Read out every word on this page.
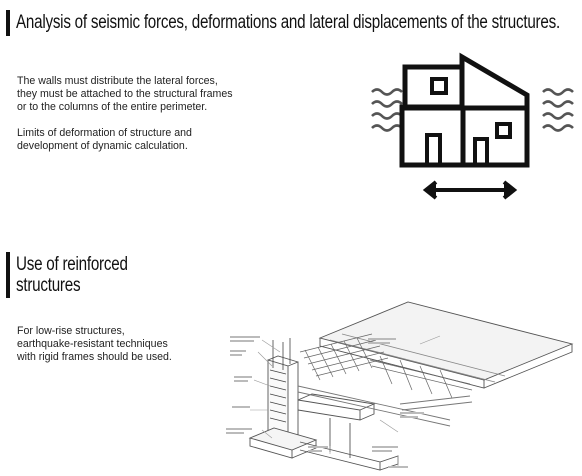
Analysis of seismic forces, deformations and lateral displacements of the structures.

The walls must distribute the lateral forces,

they must be attached to the structural frames

or to the columns of the entire perimeter.

Limits of deformation of structure and

development of dynamic calculation.

Use of reinforced
structures

For low-rise structures,

earthquake-resistant techniques

with rigid frames should be used.
